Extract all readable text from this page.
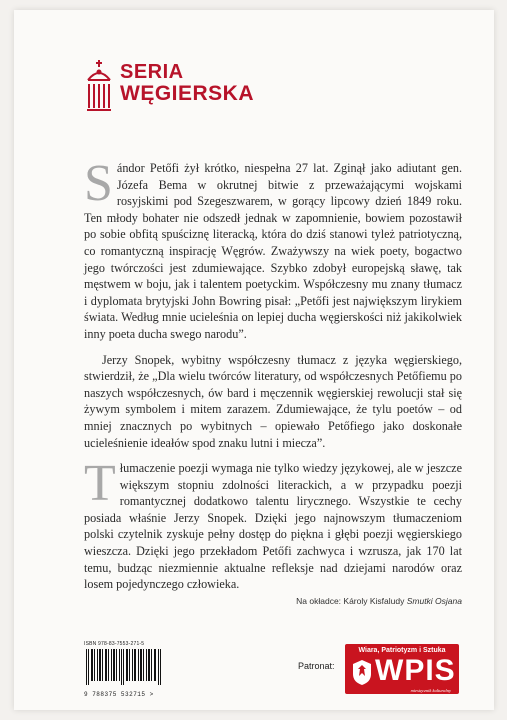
SERIA
WĘGIERSKA

Sándor Petőfi żył krótko, niespełna 27 lat. Zginął jako adiutant gen. Józefa Bema w okrutnej bitwie z przeważającymi wojskami rosyjskimi pod Szegeszwarem, w gorący lipcowy dzień 1849 roku. Ten młody bohater nie odszedł jednak w zapomnienie, bowiem pozostawił po sobie obfitą spuściznę literacką, która do dziś stanowi tyleż patriotyczną, co romantyczną inspirację Węgrów. Zważywszy na wiek poety, bogactwo jego twórczości jest zdumiewające. Szybko zdobył europejską sławę, tak męstwem w boju, jak i talentem poetyckim. Współczesny mu znany tłumacz i dyplomata brytyjski John Bowring pisał: „Petőfi jest największym lirykiem świata. Według mnie ucieleśnia on lepiej ducha węgierskości niż jakikolwiek inny poeta ducha swego narodu”.

Jerzy Snopek, wybitny współczesny tłumacz z języka węgierskiego, stwierdził, że „Dla wielu twórców literatury, od współczesnych Petőfiemu po naszych współczesnych, ów bard i męczennik węgierskiej rewolucji stał się żywym symbolem i mitem zarazem. Zdumiewające, że tylu poetów – od mniej znacznych po wybitnych – opiewało Petőfiego jako doskonałe ucieleśnienie ideałów spod znaku lutni i miecza”.

Tłumaczenie poezji wymaga nie tylko wiedzy językowej, ale w jeszcze większym stopniu zdolności literackich, a w przypadku poezji romantycznej dodatkowo talentu lirycznego. Wszystkie te cechy posiada właśnie Jerzy Snopek. Dzięki jego najnowszym tłumaczeniom polski czytelnik zyskuje pełny dostęp do piękna i głębi poezji węgierskiego wieszcza. Dzięki jego przekładom Petőfi zachwyca i wzrusza, jak 170 lat temu, budząc niezmiennie aktualne refleksje nad dziejami narodów oraz losem pojedynczego człowieka.

Na okładce: Károly Kisfaludy Smutki Osjana
ISBN 978-83-7553-271-5
9 788375 532715 >
Patronat:
Wiara, Patriotyzm i Sztuka
WPIS
miesięcznik kulturalny
